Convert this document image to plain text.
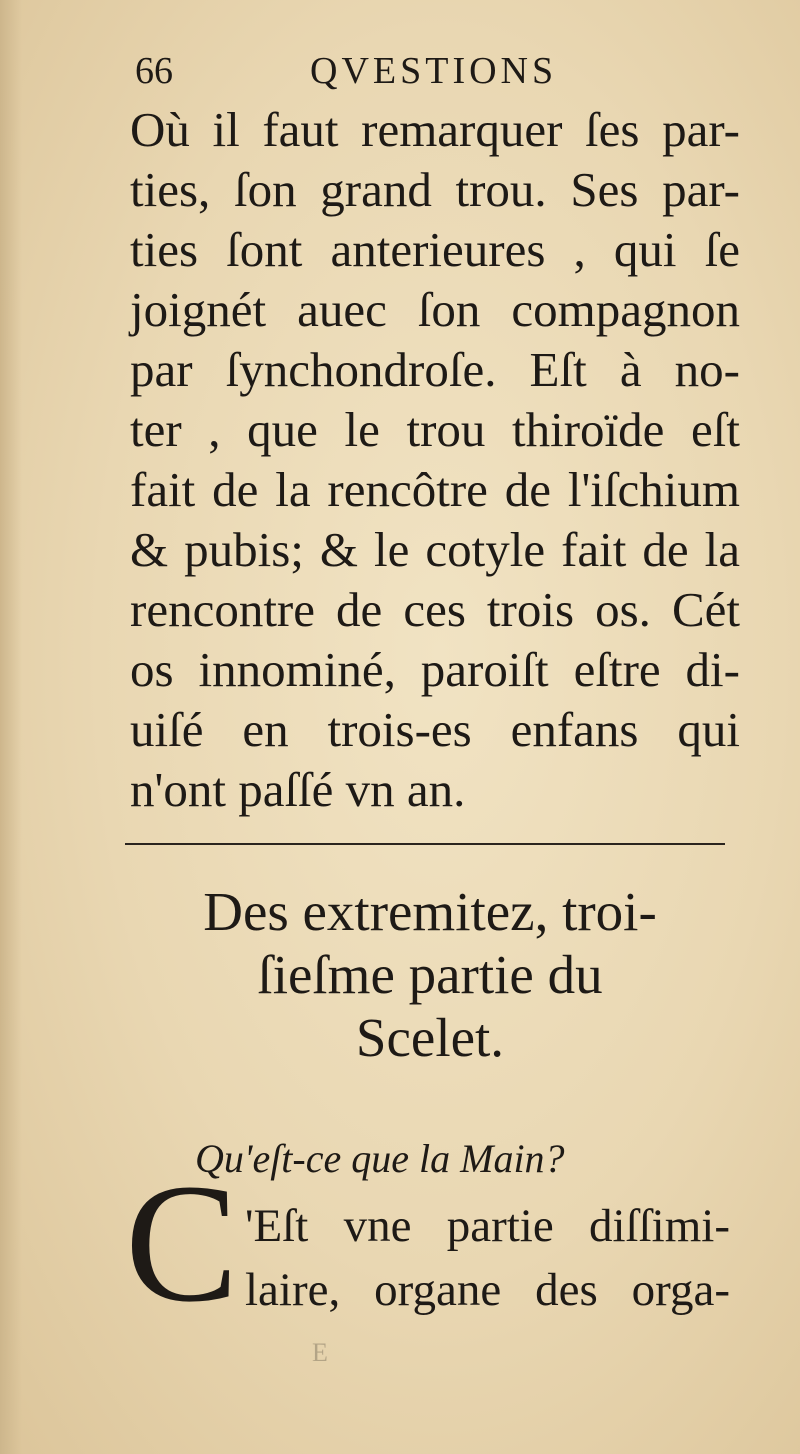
66	QVESTIONS

Où il faut remarquer ſes par-
ties, ſon grand trou. Ses par-
ties ſont anterieures , qui ſe
joignét auec ſon compagnon
par ſynchondroſe. Eſt à no-
ter , que le trou thiroïde eſt
fait de la rencôtre de l'iſchium
& pubis; & le cotyle fait de la
rencontre de ces trois os. Cét
os innominé, paroiſt eſtre di-
uiſé en trois-es enfans qui
n'ont paſſé vn an.

Des extremitez, troi-
ſieſme partie du
Scelet.
Qu'eſt-ce que la Main?
C 'Eſt vne partie diſſimi-

laire, organe des orga-

E
